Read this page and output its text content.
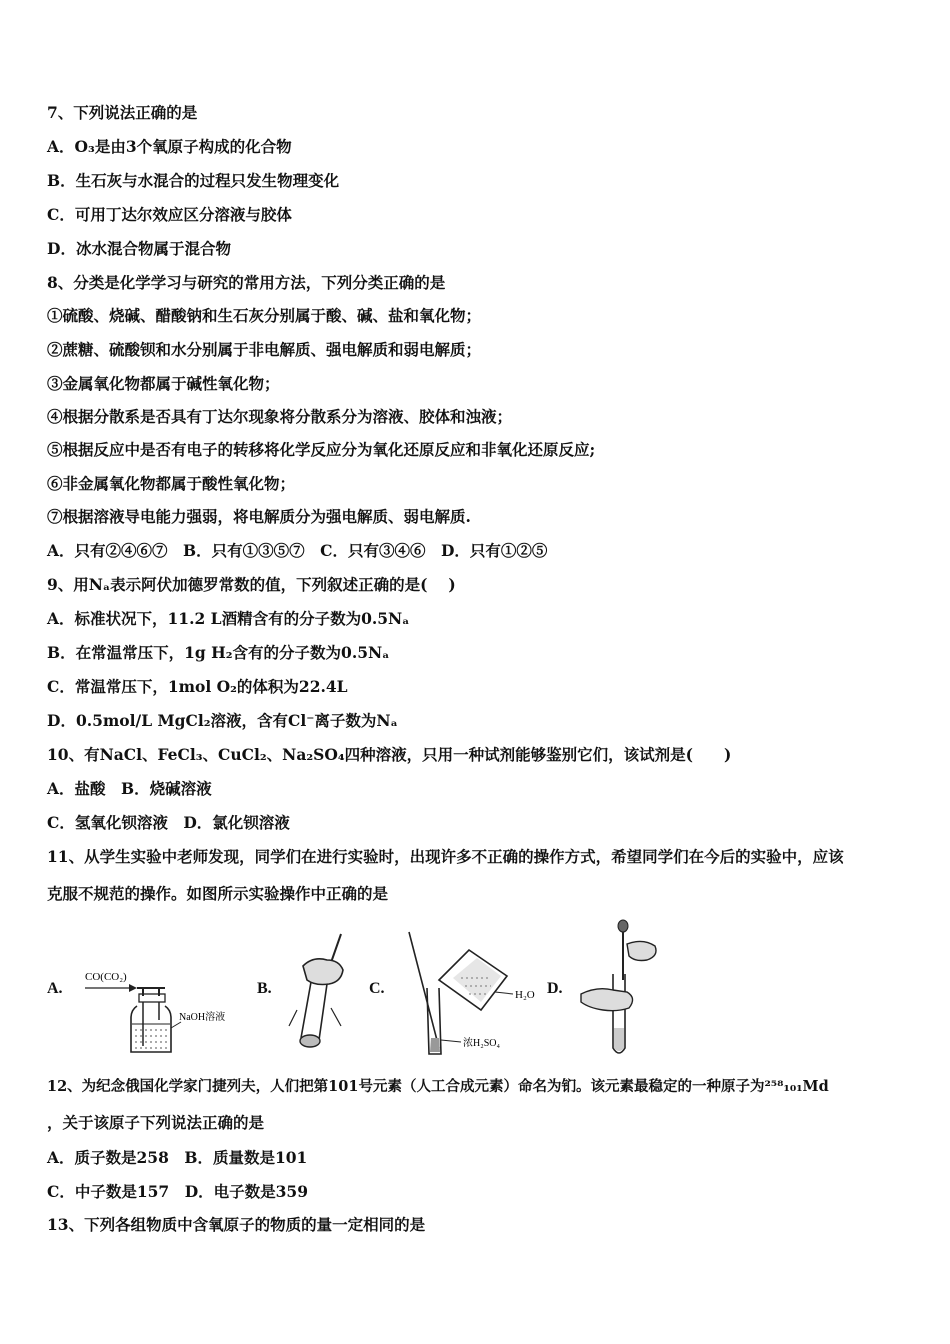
7、下列说法正确的是
A．O₃是由3个氧原子构成的化合物
B．生石灰与水混合的过程只发生物理变化
C．可用丁达尔效应区分溶液与胶体
D．冰水混合物属于混合物
8、分类是化学学习与研究的常用方法，下列分类正确的是
①硫酸、烧碱、醋酸钠和生石灰分别属于酸、碱、盐和氧化物；
②蔗糖、硫酸钡和水分别属于非电解质、强电解质和弱电解质；
③金属氧化物都属于碱性氧化物；
④根据分散系是否具有丁达尔现象将分散系分为溶液、胶体和浊液；
⑤根据反应中是否有电子的转移将化学反应分为氧化还原反应和非氧化还原反应;
⑥非金属氧化物都属于酸性氧化物；
⑦根据溶液导电能力强弱，将电解质分为强电解质、弱电解质.
A．只有②④⑥⑦　B．只有①③⑤⑦　C．只有③④⑥　D．只有①②⑤
9、用Nₐ表示阿伏加德罗常数的值，下列叙述正确的是(　 )
A．标准状况下，11.2 L酒精含有的分子数为0.5Nₐ
B．在常温常压下，1g H₂含有的分子数为0.5Nₐ
C．常温常压下，1mol O₂的体积为22.4L
D．0.5mol/L MgCl₂溶液，含有Cl⁻离子数为Nₐ
10、有NaCl、FeCl₃、CuCl₂、Na₂SO₄四种溶液，只用一种试剂能够鉴别它们，该试剂是(　　)
A．盐酸　B．烧碱溶液
C．氢氧化钡溶液　D．氯化钡溶液
11、从学生实验中老师发现，同学们在进行实验时，出现许多不正确的操作方式，希望同学们在今后的实验中，应该
克服不规范的操作。如图所示实验操作中正确的是
A.
CO(CO₂)
NaOH溶液
B.	C.	H₂O
浓H₂SO₄
D.
12、为纪念俄国化学家门捷列夫，人们把第101号元素（人工合成元素）命名为钔。该元素最稳定的一种原子为²⁵⁸₁₀₁Md
，关于该原子下列说法正确的是
A．质子数是258　B．质量数是101
C．中子数是157　D．电子数是359
13、下列各组物质中含氧原子的物质的量一定相同的是
